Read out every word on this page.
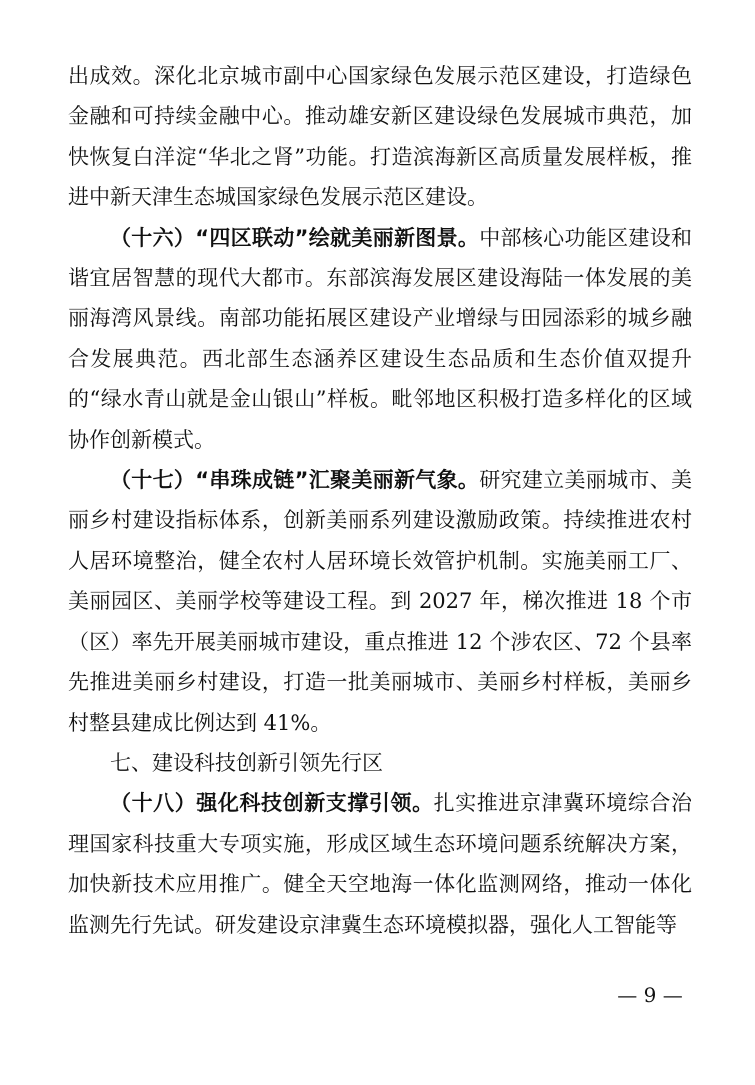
出成效。深化北京城市副中心国家绿色发展示范区建设，打造绿色金融和可持续金融中心。推动雄安新区建设绿色发展城市典范，加快恢复白洋淀“华北之肾”功能。打造滨海新区高质量发展样板，推进中新天津生态城国家绿色发展示范区建设。

（十六）“四区联动”绘就美丽新图景。中部核心功能区建设和谐宜居智慧的现代大都市。东部滨海发展区建设海陆一体发展的美丽海湾风景线。南部功能拓展区建设产业增绿与田园添彩的城乡融合发展典范。西北部生态涵养区建设生态品质和生态价值双提升的“绿水青山就是金山银山”样板。毗邻地区积极打造多样化的区域协作创新模式。

（十七）“串珠成链”汇聚美丽新气象。研究建立美丽城市、美丽乡村建设指标体系，创新美丽系列建设激励政策。持续推进农村人居环境整治，健全农村人居环境长效管护机制。实施美丽工厂、美丽园区、美丽学校等建设工程。到 2027 年，梯次推进 18 个市（区）率先开展美丽城市建设，重点推进 12 个涉农区、72 个县率先推进美丽乡村建设，打造一批美丽城市、美丽乡村样板，美丽乡村整县建成比例达到 41%。

七、建设科技创新引领先行区

（十八）强化科技创新支撑引领。扎实推进京津冀环境综合治理国家科技重大专项实施，形成区域生态环境问题系统解决方案，加快新技术应用推广。健全天空地海一体化监测网络，推动一体化监测先行先试。研发建设京津冀生态环境模拟器，强化人工智能等

— 9 —
